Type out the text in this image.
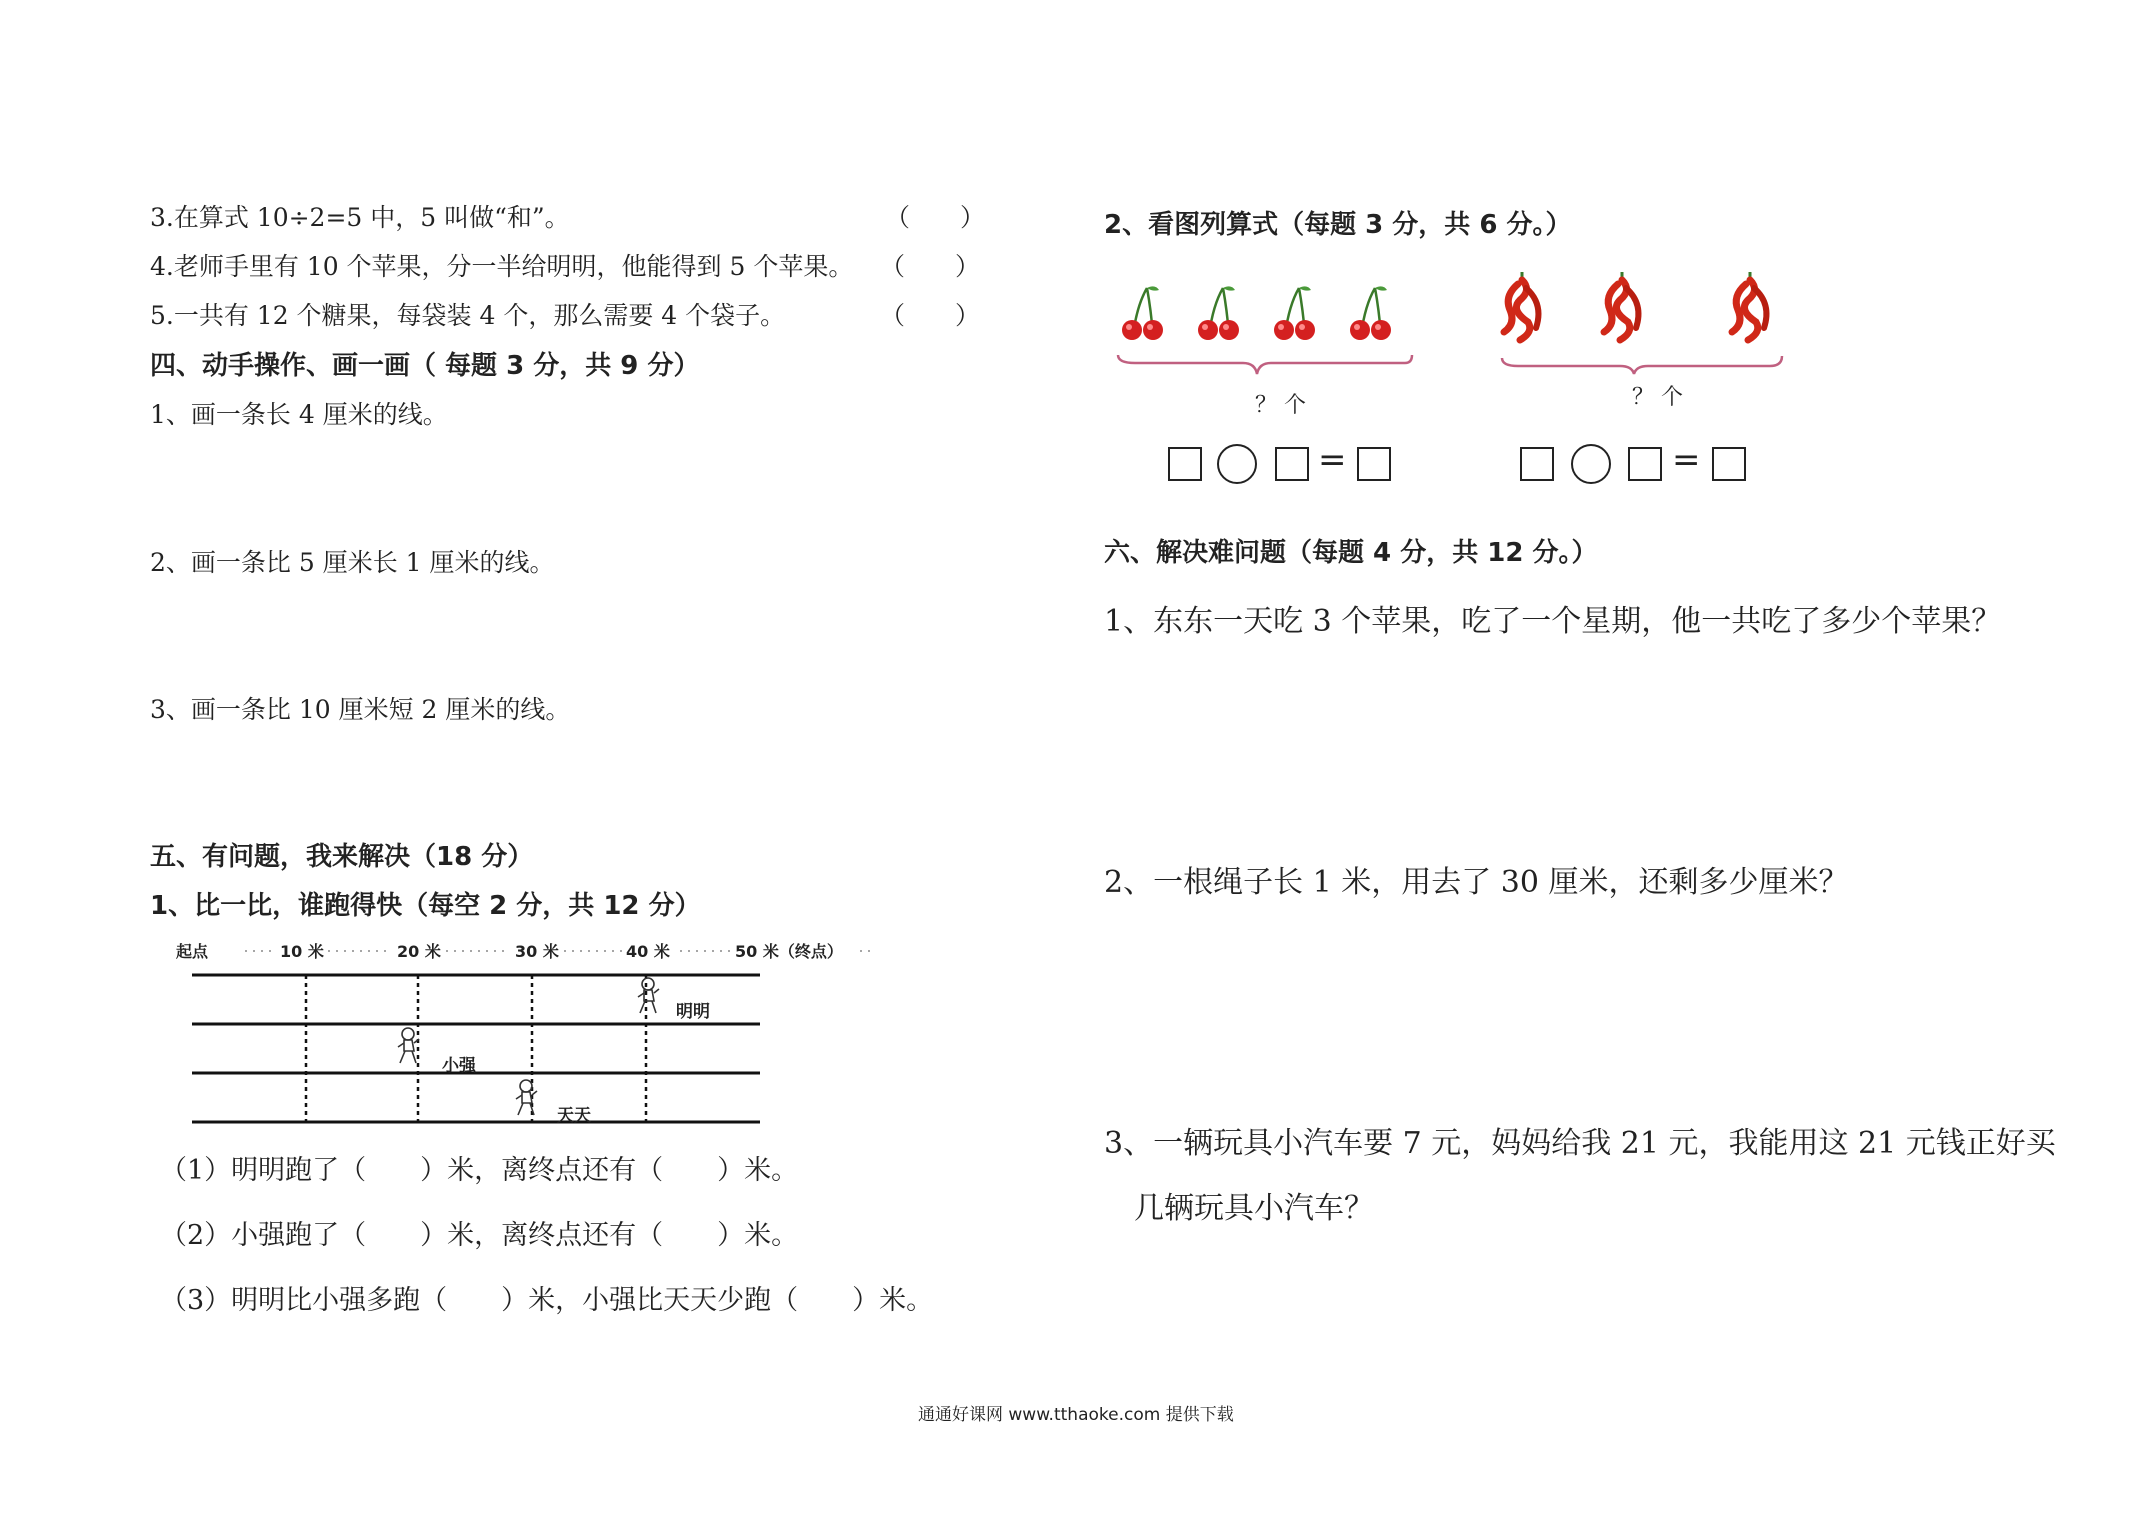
3.在算式 10÷2=5 中，5 叫做“和”。	（　　）
4.老师手里有 10 个苹果，分一半给明明，他能得到 5 个苹果。 （　　）
5.一共有 12 个糖果，每袋装 4 个，那么需要 4 个袋子。	（　　）
四、动手操作、画一画（ 每题 3 分，共 9 分）
1、画一条长 4 厘米的线。
2、画一条比 5 厘米长 1 厘米的线。
3、画一条比 10 厘米短 2 厘米的线。
五、有问题，我来解决（18 分）
1、比一比，谁跑得快（每空 2 分，共 12 分）
起点	10 米	20 米	30 米	40 米	50 米（终点）
明明
小强
天天
（1）明明跑了（　　）米，离终点还有（　　）米。
（2）小强跑了（　　）米，离终点还有（　　）米。
（3）明明比小强多跑（　　）米，小强比天天少跑（　　）米。
2、看图列算式（每题 3 分，共 6 分。）
？ 个	？ 个
=	=
六、解决难问题（每题 4 分，共 12 分。）
1、东东一天吃 3 个苹果，吃了一个星期，他一共吃了多少个苹果？
2、一根绳子长 1 米，用去了 30 厘米，还剩多少厘米？
3、一辆玩具小汽车要 7 元，妈妈给我 21 元，我能用这 21 元钱正好买
几辆玩具小汽车？
通通好课网 www.tthaoke.com 提供下载
